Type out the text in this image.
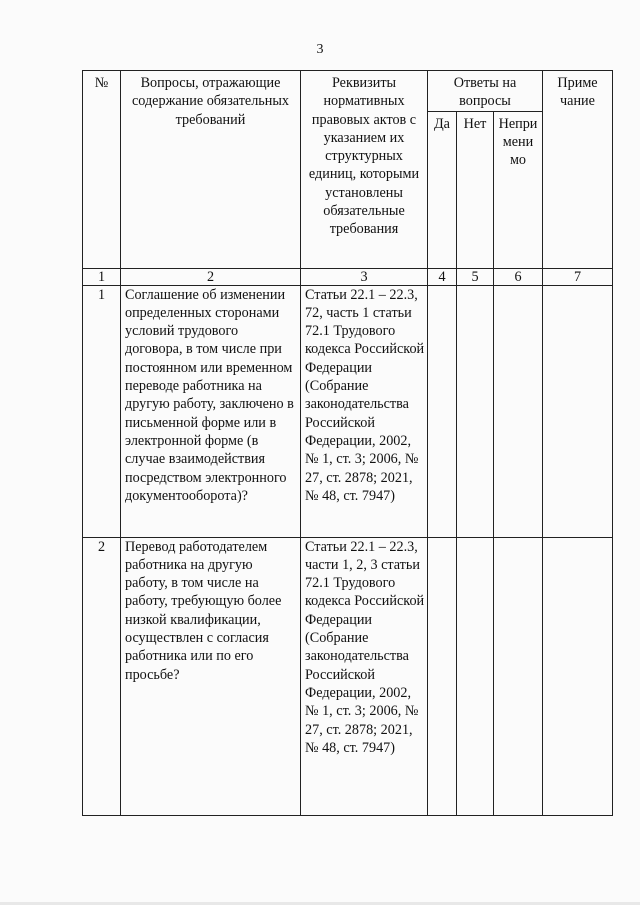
3
№	Вопросы, отражающие содержание обязательных требований	Реквизиты нормативных правовых актов с указанием их структурных единиц, которыми установлены обязательные требования	Ответы на вопросы			Приме чание
			Да	Нет	Непри мени мо	
1	2	3	4	5	6	7
1	Соглашение об изменении определенных сторонами условий трудового договора, в том числе при постоянном или временном переводе работника на другую работу, заключено в письменной форме или в электронной форме (в случае взаимодействия посредством электронного документооборота)?	Статьи 22.1 – 22.3, 72, часть 1 статьи 72.1 Трудового кодекса Российской Федерации (Собрание законодательства Российской Федерации, 2002, № 1, ст. 3; 2006, № 27, ст. 2878; 2021, № 48, ст. 7947)				
2	Перевод работодателем работника на другую работу, в том числе на работу, требующую более низкой квалификации, осуществлен с согласия работника или по его просьбе?	Статьи 22.1 – 22.3, части 1, 2, 3 статьи 72.1 Трудового кодекса Российской Федерации (Собрание законодательства Российской Федерации, 2002, № 1, ст. 3; 2006, № 27, ст. 2878; 2021, № 48, ст. 7947)				
